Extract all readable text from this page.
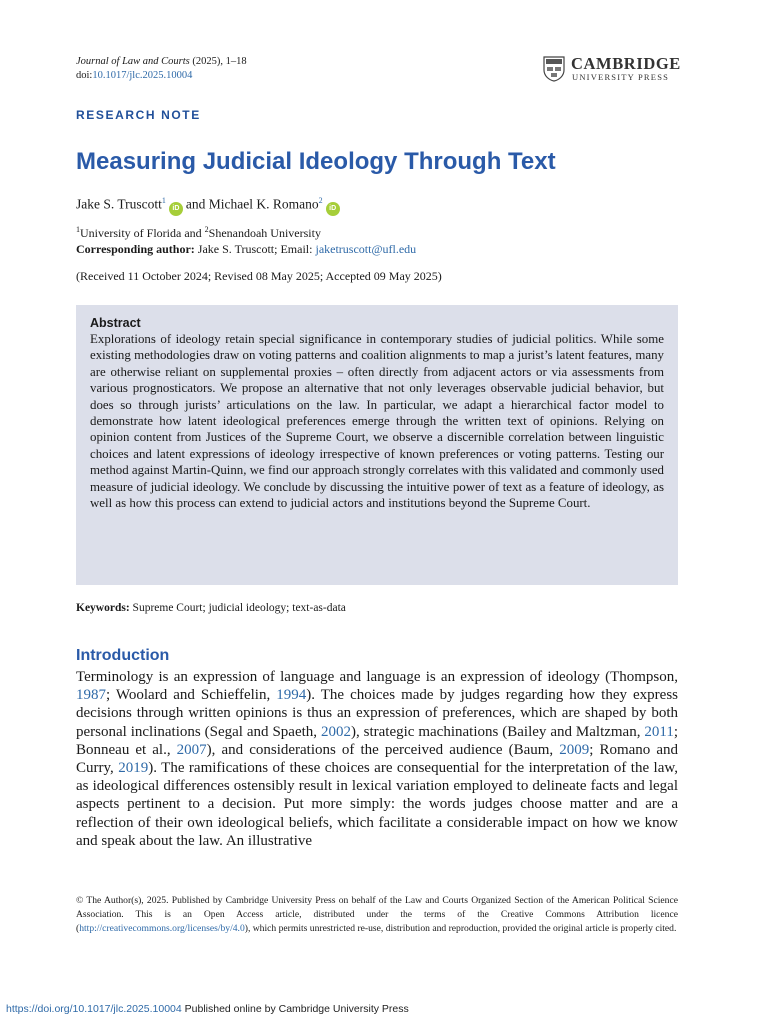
Journal of Law and Courts (2025), 1–18
doi:10.1017/jlc.2025.10004
CAMBRIDGE
UNIVERSITY PRESS
RESEARCH NOTE
Measuring Judicial Ideology Through Text
Jake S. Truscott$^1$iD and Michael K. Romano$^2$iD
$^1$University of Florida and $^2$Shenandoah University
Corresponding author: Jake S. Truscott; Email: jaketruscott@ufl.edu
(Received 11 October 2024; Revised 08 May 2025; Accepted 09 May 2025)
Abstract
Explorations of ideology retain special significance in contemporary studies of judicial politics. While some existing methodologies draw on voting patterns and coalition alignments to map a jurist’s latent features, many are otherwise reliant on supplemental proxies – often directly from adjacent actors or via assessments from various prognosticators. We propose an alternative that not only leverages observable judicial behavior, but does so through jurists’ articulations on the law. In particular, we adapt a hierarchical factor model to demonstrate how latent ideological preferences emerge through the written text of opinions. Relying on opinion content from Justices of the Supreme Court, we observe a discernible correlation between linguistic choices and latent expressions of ideology irrespective of known preferences or voting patterns. Testing our method against Martin-Quinn, we find our approach strongly correlates with this validated and commonly used measure of judicial ideology. We conclude by discussing the intuitive power of text as a feature of ideology, as well as how this process can extend to judicial actors and institutions beyond the Supreme Court.
Keywords: Supreme Court; judicial ideology; text-as-data
Introduction
Terminology is an expression of language and language is an expression of ideology (Thompson, 1987; Woolard and Schieffelin, 1994). The choices made by judges regarding how they express decisions through written opinions is thus an expression of preferences, which are shaped by both personal inclinations (Segal and Spaeth, 2002), strategic machinations (Bailey and Maltzman, 2011; Bonneau et al., 2007), and considerations of the perceived audience (Baum, 2009; Romano and Curry, 2019). The ramifications of these choices are consequential for the interpretation of the law, as ideological differences ostensibly result in lexical variation employed to delineate facts and legal aspects pertinent to a decision. Put more simply: the words judges choose matter and are a reflection of their own ideological beliefs, which facilitate a considerable impact on how we know and speak about the law. An illustrative
© The Author(s), 2025. Published by Cambridge University Press on behalf of the Law and Courts Organized Section of the American Political Science Association. This is an Open Access article, distributed under the terms of the Creative Commons Attribution licence (http://creativecommons.org/licenses/by/4.0), which permits unrestricted re-use, distribution and reproduction, provided the original article is properly cited.
https://doi.org/10.1017/jlc.2025.10004 Published online by Cambridge University Press
